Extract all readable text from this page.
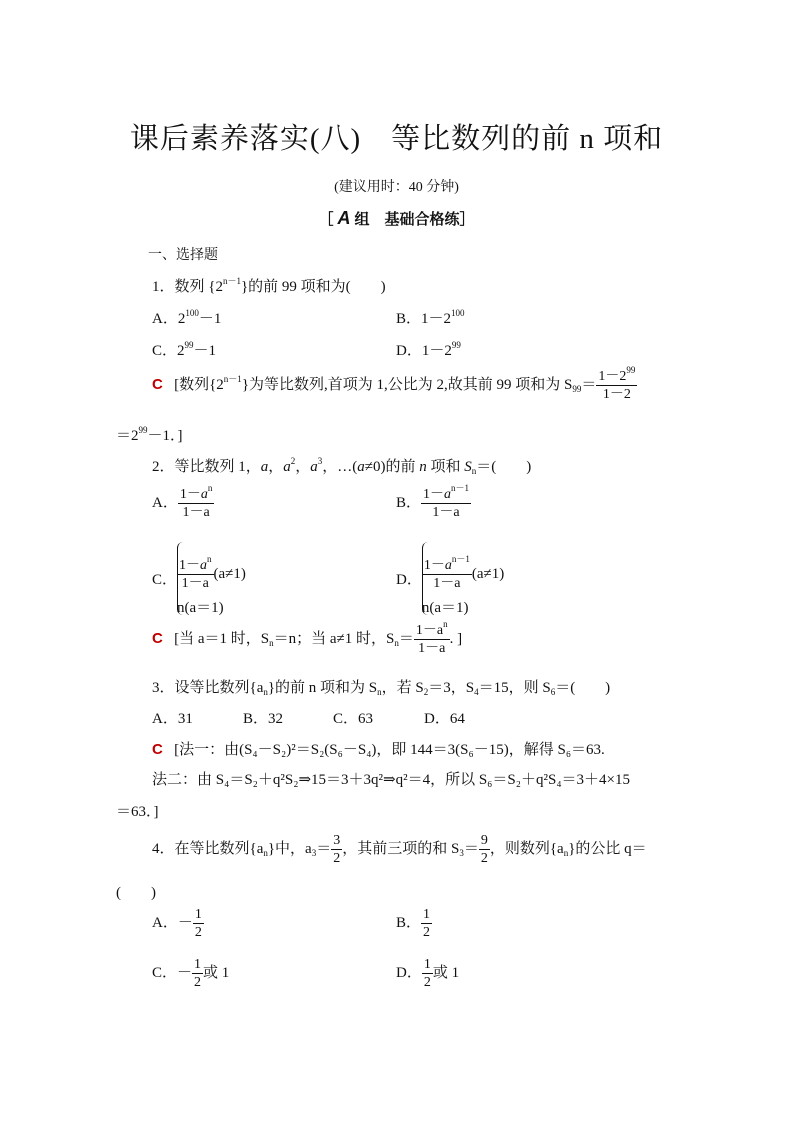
课后素养落实(八)　等比数列的前 n 项和
(建议用时：40 分钟)
［ A 组　基础合格练］
一、选择题
1．数列 $\{2^{n-1}\}$的前 99 项和为(　　)
A．$2^{100}-1$	B．$1-2^{100}$
C．$2^{99}-1$	D．$1-2^{99}$
C [数列$\{2^{n-1}\}$为等比数列,首项为 1,公比为 2,故其前 99 项和为 $S_{99}= \frac{1-2^{99}}{1-2}$
$=2^{99}-1$．]
2．等比数列 1，a，$a^2$，$a^3$，…(a≠0)的前 n 项和 $S_n=$(　　)
A． $\frac{1-a^n}{1-a}$	B． $\frac{1-a^{n-1}}{1-a}$
C． $\frac{1-a^n}{1-a} (a\ne 1)$
n(a＝1)
D． $\frac{1-a^{n-1}}{1-a} (a\ne 1)$
n(a＝1)
C [当 a＝1 时，$S_n=n$；当 a≠1 时，$S_n= \frac{1-a^n}{1-a}$ . ]
3．设等比数列$\{a_n\}$的前 n 项和为 $S_n$，若 $S_2=3$，$S_4=15$，则 $S_6=$(　　)
A．31	B．32	C．63	D．64
C [法一：由(S₄－S₂)²＝S₂(S₆－S₄)，即 144＝3(S₆－15)，解得 S₆＝63.
法二：由 S₄＝S₂＋q²S₂⇒15＝3＋3q²⇒q²＝4，所以 S₆＝S₂＋q²S₄＝3＋4×15
＝63．]
4．在等比数列$\{a_n\}$中，$a_3= \frac{3}{2}$ ，其前三项的和 $S_3= \frac{9}{2}$ ，则数列$\{a_n\}$的公比 q＝
(　　)
A．－ $\frac{1}{2}$	B． $\frac{1}{2}$
C．－ $\frac{1}{2}$ 或 1	D． $\frac{1}{2}$ 或 1
